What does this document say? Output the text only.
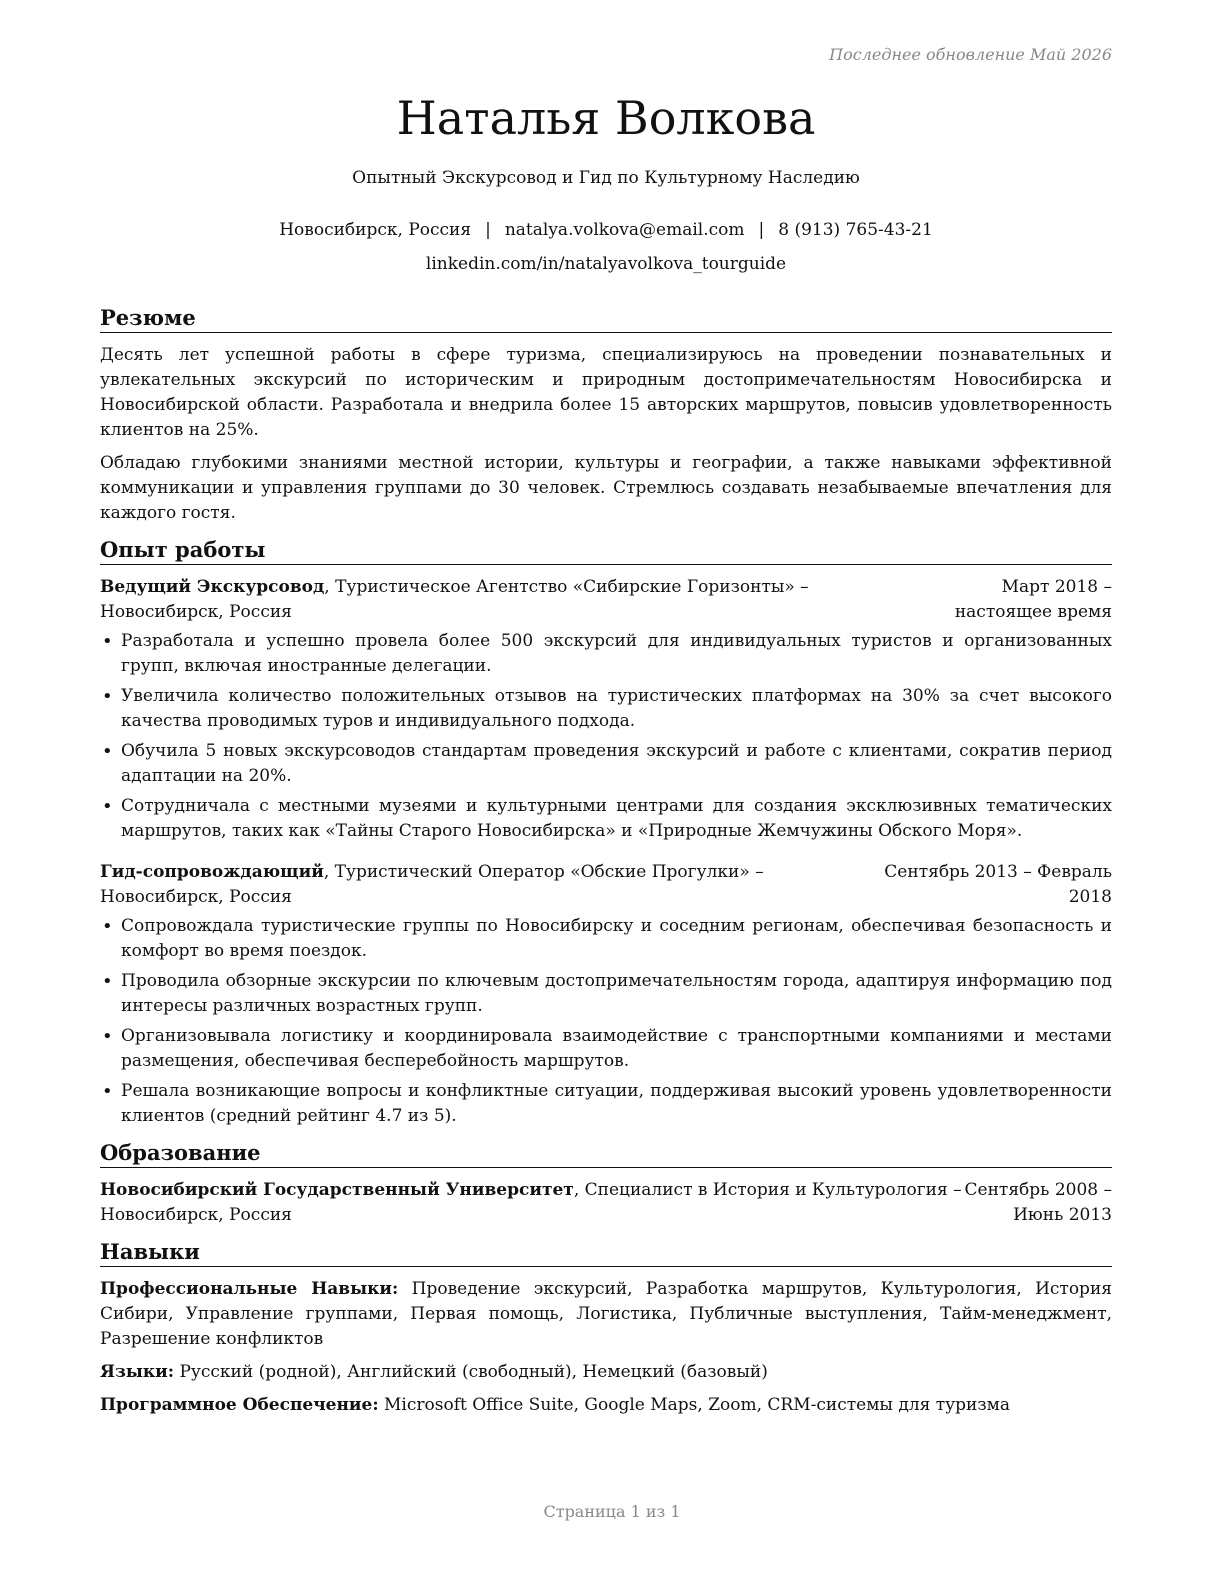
Последнее обновление Май 2026
Наталья Волкова
Опытный Экскурсовод и Гид по Культурному Наследию
Новосибирск, Россия | natalya.volkova@email.com | 8 (913) 765-43-21
linkedin.com/in/natalyavolkova_tourguide
Резюме

Десять лет успешной работы в сфере туризма, специализируюсь на проведении познавательных и увлекательных экскурсий по историческим и природным достопримечательностям Новосибирска и Новосибирской области. Разработала и внедрила более 15 авторских маршрутов, повысив удовлетворенность клиентов на 25%.

Обладаю глубокими знаниями местной истории, культуры и географии, а также навыками эффективной коммуникации и управления группами до 30 человек. Стремлюсь создавать незабываемые впечатления для каждого гостя.

Опыт работы
Ведущий Экскурсовод, Туристическое Агентство «Сибирские Горизонты» – Новосибирск, Россия
Март 2018 – настоящее время
• Разработала и успешно провела более 500 экскурсий для индивидуальных туристов и организованных групп, включая иностранные делегации.
• Увеличила количество положительных отзывов на туристических платформах на 30% за счет высокого качества проводимых туров и индивидуального подхода.
• Обучила 5 новых экскурсоводов стандартам проведения экскурсий и работе с клиентами, сократив период адаптации на 20%.
• Сотрудничала с местными музеями и культурными центрами для создания эксклюзивных тематических маршрутов, таких как «Тайны Старого Новосибирска» и «Природные Жемчужины Обского Моря».
Гид-сопровождающий, Туристический Оператор «Обские Прогулки» – Новосибирск, Россия
Сентябрь 2013 – Февраль 2018
• Сопровождала туристические группы по Новосибирску и соседним регионам, обеспечивая безопасность и комфорт во время поездок.
• Проводила обзорные экскурсии по ключевым достопримечательностям города, адаптируя информацию под интересы различных возрастных групп.
• Организовывала логистику и координировала взаимодействие с транспортными компаниями и местами размещения, обеспечивая бесперебойность маршрутов.
• Решала возникающие вопросы и конфликтные ситуации, поддерживая высокий уровень удовлетворенности клиентов (средний рейтинг 4.7 из 5).
Образование
Новосибирский Государственный Университет, Специалист в История и Культурология – Новосибирск, Россия
Сентябрь 2008 – Июнь 2013
Навыки

Профессиональные Навыки: Проведение экскурсий, Разработка маршрутов, Культурология, История Сибири, Управление группами, Первая помощь, Логистика, Публичные выступления, Тайм-менеджмент, Разрешение конфликтов

Языки: Русский (родной), Английский (свободный), Немецкий (базовый)

Программное Обеспечение: Microsoft Office Suite, Google Maps, Zoom, CRM-системы для туризма

Страница 1 из 1
